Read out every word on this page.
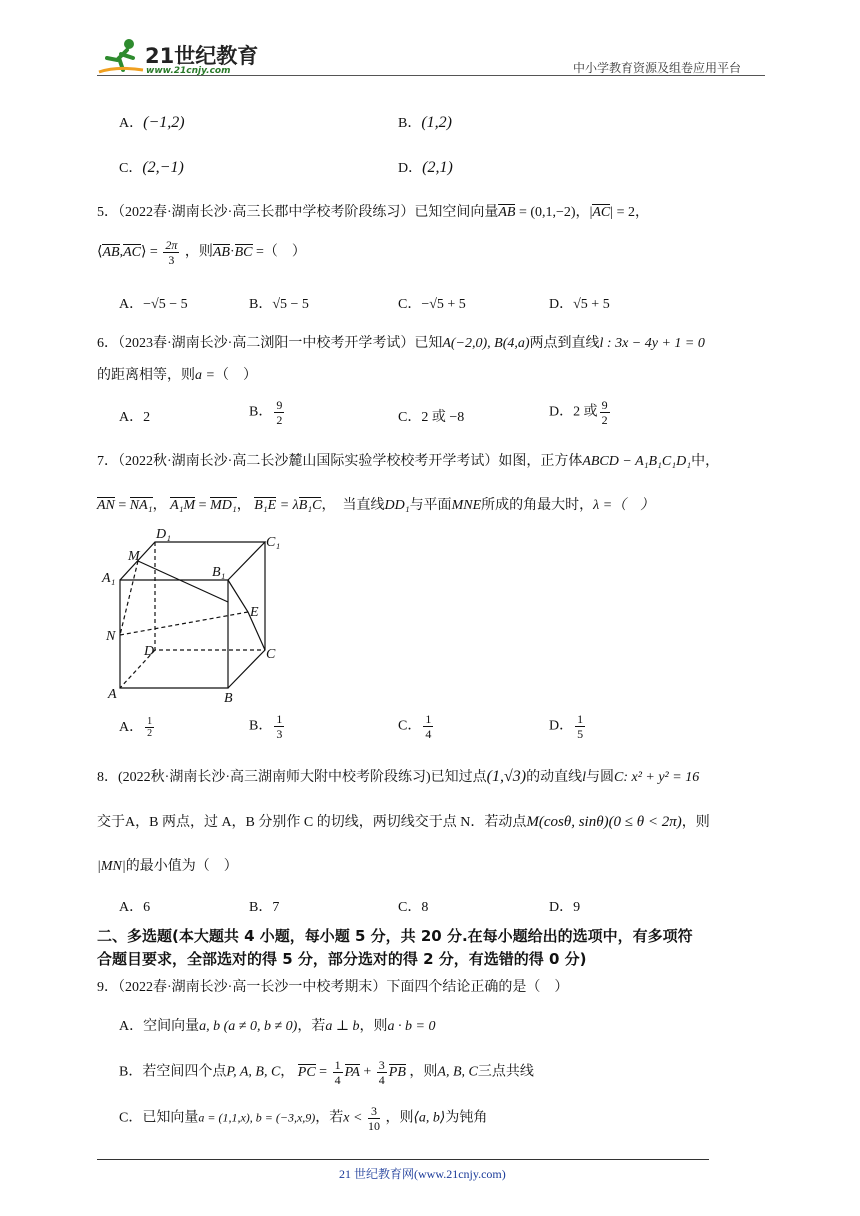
21世纪教育
www.21cnjy.com	中小学教育资源及组卷应用平台
A．(−1,2)	B．(1,2)
C．(2,−1)	D．(2,1)
5．（2022春·湖南长沙·高三长郡中学校考阶段练习）已知空间向量AB = (0,1,−2)，|AC| = 2，
⟨AB,AC⟩ = $\frac{2\pi}{3}$ ，则AB·BC =（　）
A．−√5 − 5	B．√5 − 5	C．−√5 + 5	D．√5 + 5
6．（2023春·湖南长沙·高二浏阳一中校考开学考试）已知A(−2,0), B(4,a)两点到直线l : 3x − 4y + 1 = 0
的距离相等，则a =（　）
A．2	B． $\frac{9}{2}$	C．2 或 −8	D．2 或 $\frac{9}{2}$
7．（2022秋·湖南长沙·高二长沙麓山国际实验学校校考开学考试）如图，正方体ABCD − A₁B₁C₁D₁中，
AN = NA₁， A₁M = MD₁， B₁E = λB₁C，　当直线DD₁与平面MNE所成的角最大时，λ =（　）
M
D₁
C₁
A₁	B₁
E
N
D	C
A	B
A． $\frac{1}{2}$	B． $\frac{1}{3}$	C． $\frac{1}{4}$	D． $\frac{1}{5}$
8．(2022秋·湖南长沙·高三湖南师大附中校考阶段练习)已知过点(1,√3)的动直线l与圆C: x² + y² = 16
交于A，B 两点，过 A，B 分别作 C 的切线，两切线交于点 N．若动点M(cosθ, sinθ)(0 ≤ θ < 2π)，则
|MN|的最小值为（　）
A．6	B．7	C．8	D．9
二、多选题(本大题共 4 小题，每小题 5 分，共 20 分.在每小题给出的选项中，有多项符
合题目要求，全部选对的得 5 分，部分选对的得 2 分，有选错的得 0 分)
9．（2022春·湖南长沙·高一长沙一中校考期末）下面四个结论正确的是（　）
A．空间向量a, b (a ≠ 0, b ≠ 0)，若a ⊥ b，则a · b = 0
B．若空间四个点P, A, B, C， PC = $\frac{1}{4}$ PA + $\frac{3}{4}$ PB ，则A, B, C三点共线
C．已知向量a = (1,1,x), b = (−3,x,9)，若$x < \frac{3}{10}$ ，则⟨a, b⟩为钝角
21 世纪教育网(www.21cnjy.com)
